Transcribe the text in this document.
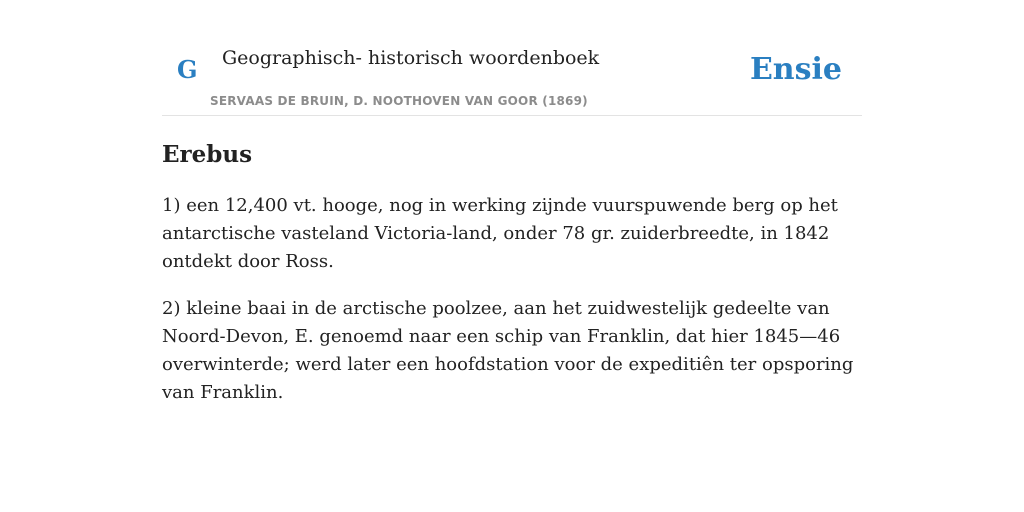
G Geographisch- historisch woordenboek
SERVAAS DE BRUIN, D. NOOTHOVEN VAN GOOR (1869)
Ensie
Erebus

1) een 12,400 vt. hooge, nog in werking zijnde vuurspuwende berg op het antarctische vasteland Victoria-land, onder 78 gr. zuiderbreedte, in 1842 ontdekt door Ross.

2) kleine baai in de arctische poolzee, aan het zuidwestelijk gedeelte van Noord-Devon, E. genoemd naar een schip van Franklin, dat hier 1845—46 overwinterde; werd later een hoofdstation voor de expeditiên ter opsporing van Franklin.
